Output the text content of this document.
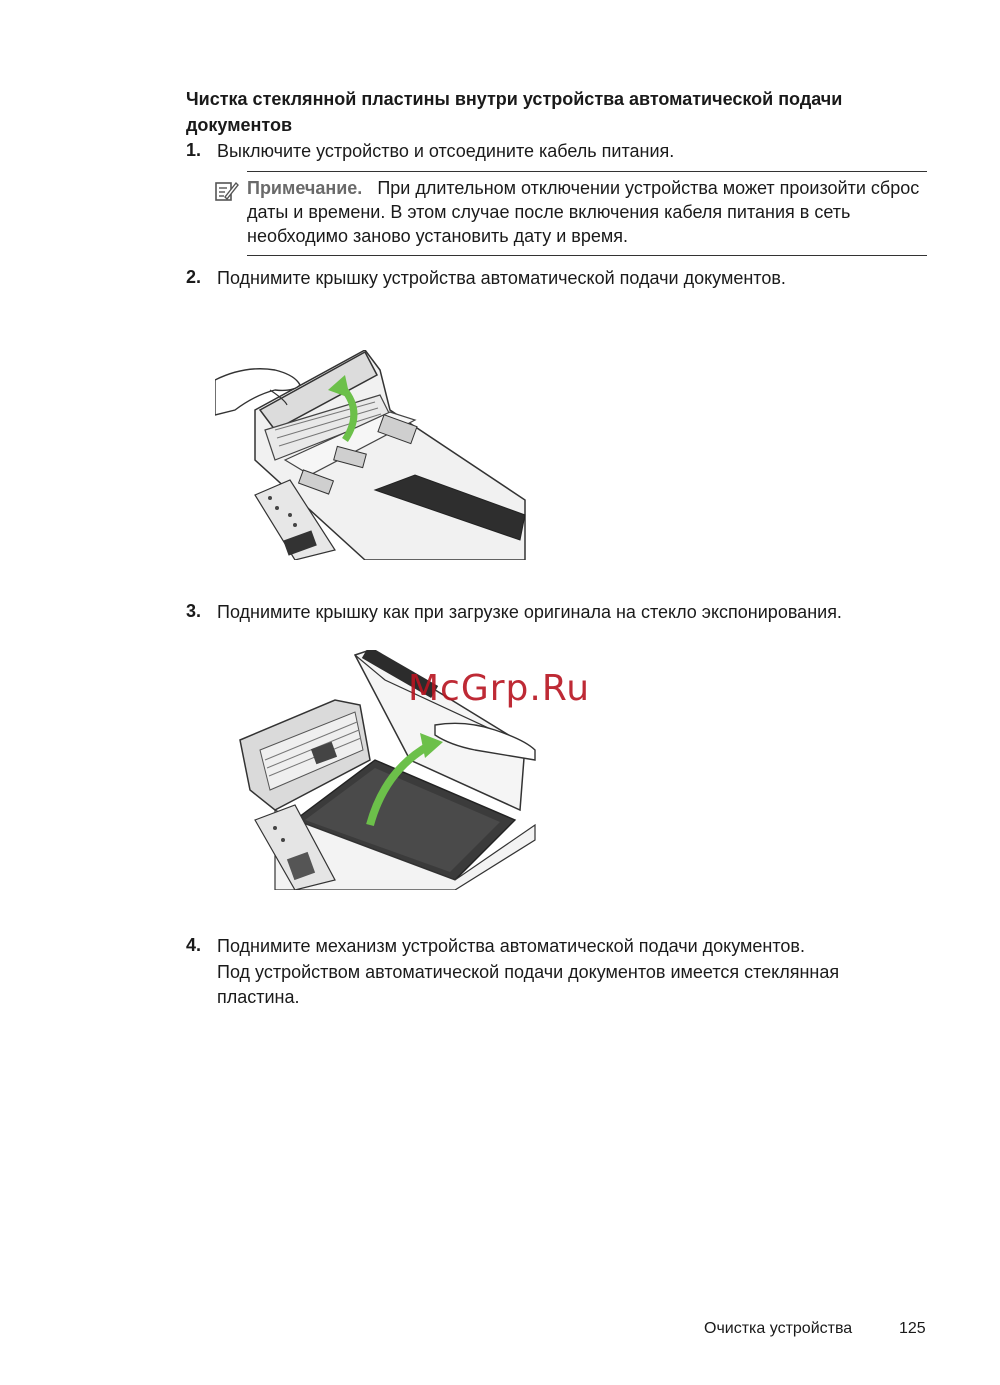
Чистка стеклянной пластины внутри устройства автоматической подачи документов
1. Выключите устройство и отсоедините кабель питания.
Примечание. При длительном отключении устройства может произойти сброс даты и времени. В этом случае после включения кабеля питания в сеть необходимо заново установить дату и время.
2. Поднимите крышку устройства автоматической подачи документов.
3. Поднимите крышку как при загрузке оригинала на стекло экспонирования.
McGrp.Ru
4. Поднимите механизм устройства автоматической подачи документов.
Под устройством автоматической подачи документов имеется стеклянная пластина.
Очистка устройства	125
